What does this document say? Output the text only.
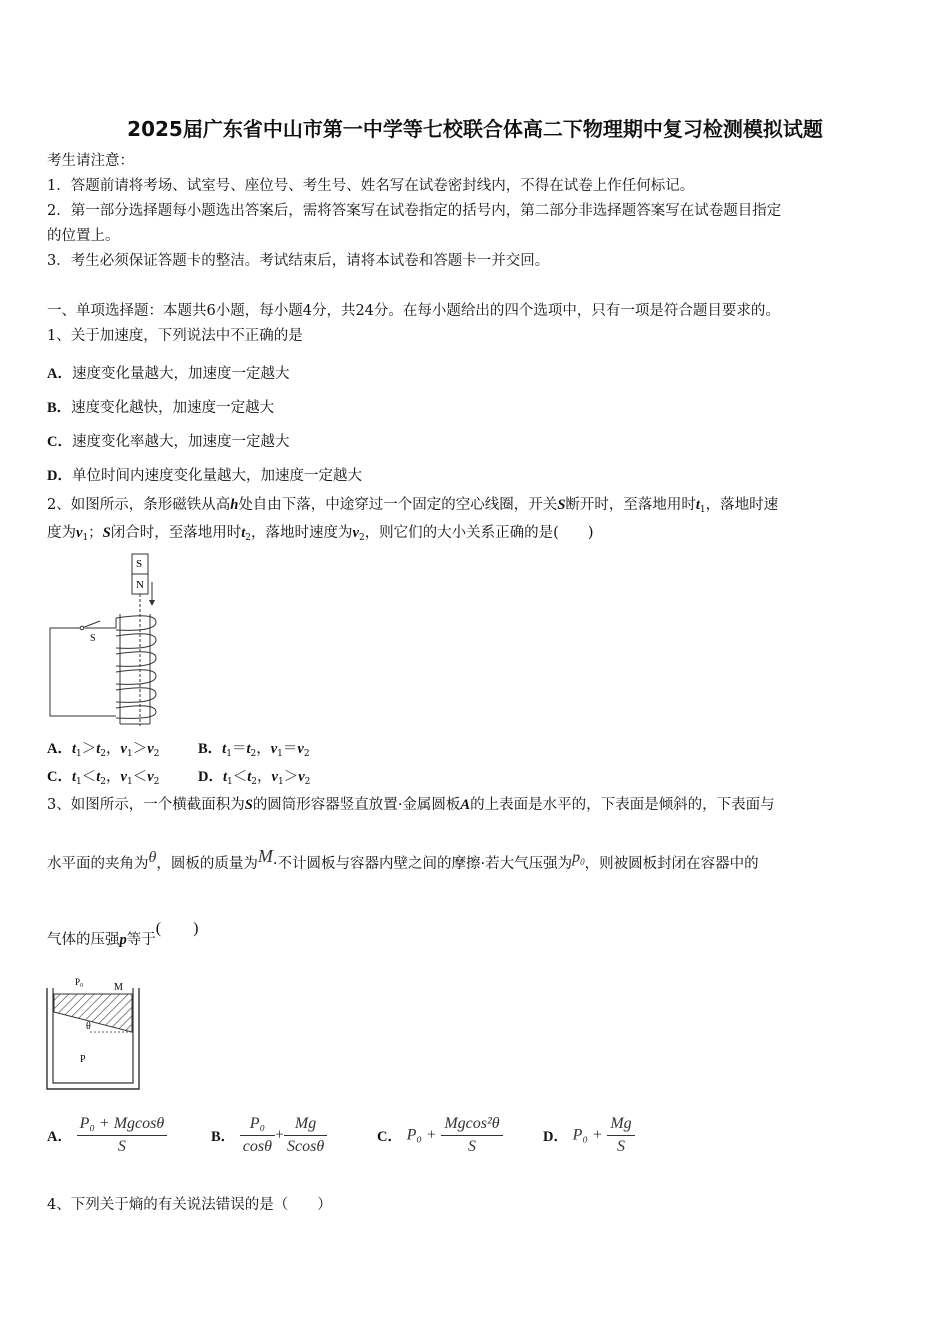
2025届广东省中山市第一中学等七校联合体高二下物理期中复习检测模拟试题
考生请注意：
1．答题前请将考场、试室号、座位号、考生号、姓名写在试卷密封线内，不得在试卷上作任何标记。
2．第一部分选择题每小题选出答案后，需将答案写在试卷指定的括号内，第二部分非选择题答案写在试卷题目指定
的位置上。
3．考生必须保证答题卡的整洁。考试结束后，请将本试卷和答题卡一并交回。
一、单项选择题：本题共6小题，每小题4分，共24分。在每小题给出的四个选项中，只有一项是符合题目要求的。
1、关于加速度，下列说法中不正确的是
A．速度变化量越大，加速度一定越大
B．速度变化越快，加速度一定越大
C．速度变化率越大，加速度一定越大
D．单位时间内速度变化量越大，加速度一定越大
2、如图所示，条形磁铁从高h处自由下落，中途穿过一个固定的空心线圈，开关S断开时，至落地用时$t_1$，落地时速
度为$v_1$；S闭合时，至落地用时$t_2$，落地时速度为$v_2$，则它们的大小关系正确的是(　　)
S
N
S
A．$t_1>t_2$，$v_1>v_2$	B．$t_1=t_2$，$v_1=v_2$
C．$t_1<t_2$，$v_1<v_2$	D．$t_1<t_2$，$v_1>v_2$
3、如图所示，一个横截面积为S的圆筒形容器竖直放置·金属圆板A的上表面是水平的，下表面是倾斜的，下表面与
水平面的夹角为θ，圆板的质量为M·不计圆板与容器内壁之间的摩擦·若大气压强为$p_0$，则被圆板封闭在容器中的
气体的压强p等于(　　)
P₀	M
θ
P
A． $\frac{\text{P₀ + Mgcosθ}}{S}$	B． $\frac{\text{P₀}}{\cos\theta} + \frac{Mg}{Scos\theta}$	C． $P_0 + \frac{\text{Mgcos²θ}}{S}$	D． $P_0 + \frac{Mg}{S}$
4、下列关于熵的有关说法错误的是（　　）
